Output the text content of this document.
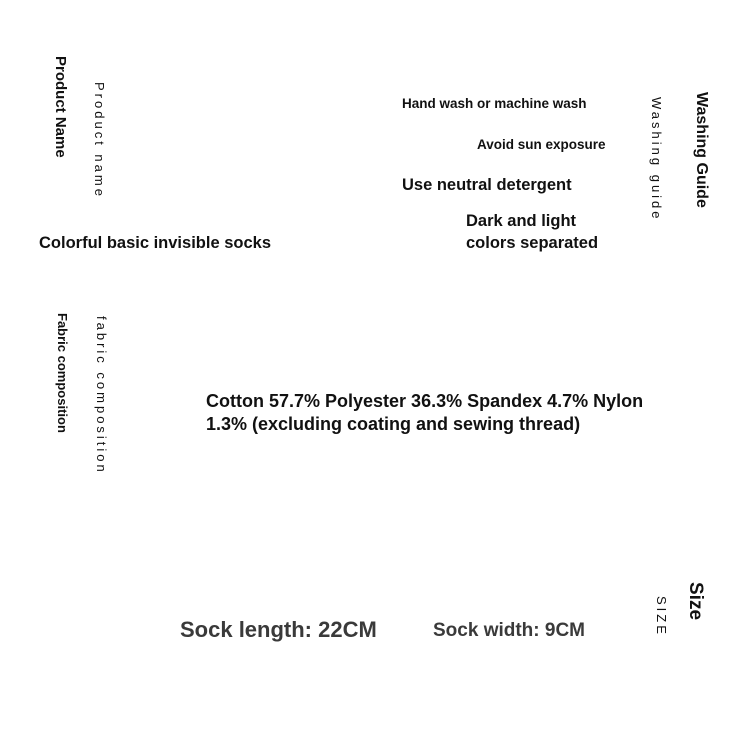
Product Name Product name
Colorful basic invisible socks
Washing Guide
Washing guide
Hand wash or machine wash
Avoid sun exposure
Use neutral detergent
Dark and light
colors separated
Fabric composition fabric composition	Cotton 57.7% Polyester 36.3% Spandex 4.7% Nylon
1.3% (excluding coating and sewing thread)
Size
SIZE
Sock length: 22CM	Sock width: 9CM
